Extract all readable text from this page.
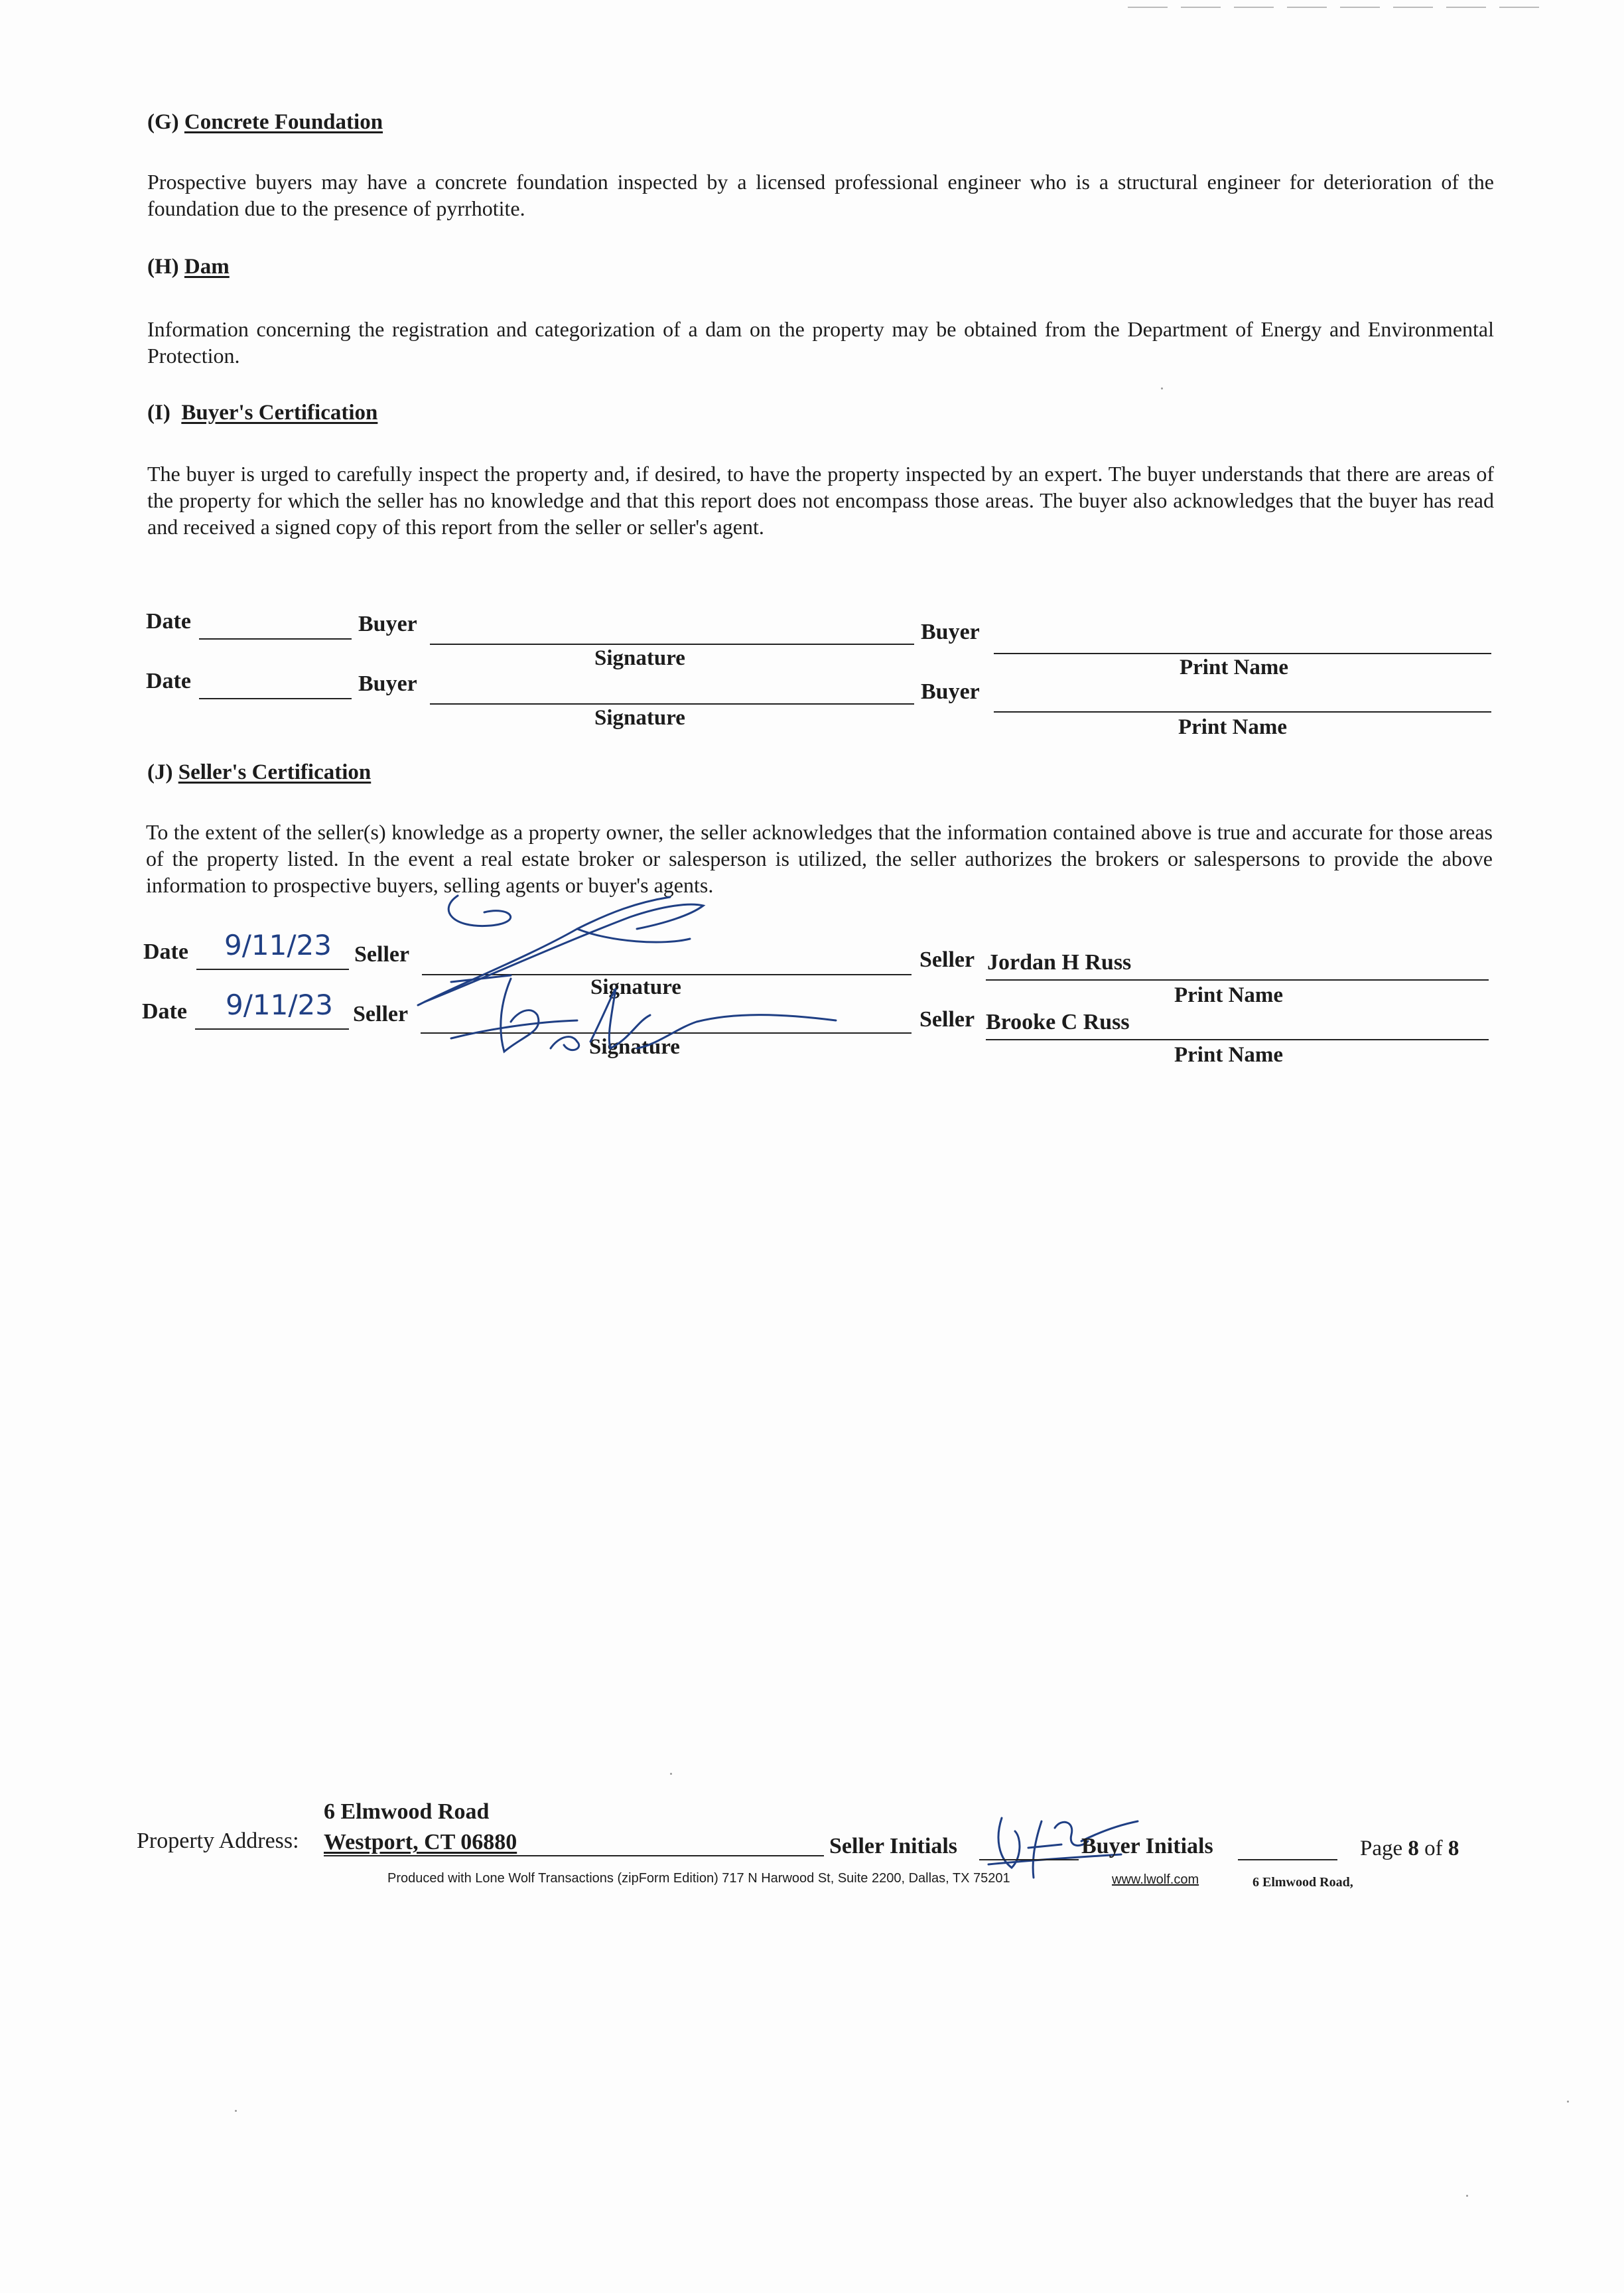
(G) Concrete Foundation
Prospective buyers may have a concrete foundation inspected by a licensed professional engineer who is a structural engineer for deterioration of the foundation due to the presence of pyrrhotite.
(H) Dam
Information concerning the registration and categorization of a dam on the property may be obtained from the Department of Energy and Environmental Protection.
(I) Buyer's Certification
The buyer is urged to carefully inspect the property and, if desired, to have the property inspected by an expert. The buyer understands that there are areas of the property for which the seller has no knowledge and that this report does not encompass those areas. The buyer also acknowledges that the buyer has read and received a signed copy of this report from the seller or seller's agent.
Date	Buyer
Signature
Buyer
Print Name
Date	Buyer
Signature
Buyer
Print Name
(J) Seller's Certification
To the extent of the seller(s) knowledge as a property owner, the seller acknowledges that the information contained above is true and accurate for those areas of the property listed. In the event a real estate broker or salesperson is utilized, the seller authorizes the brokers or salespersons to provide the above information to prospective buyers, selling agents or buyer's agents.
Date 9/11/23 Seller
Signature
Seller Jordan H Russ
Print Name
Date 9/11/23 Seller
Signature
Seller Brooke C Russ
Print Name
6 Elmwood Road
Property Address: Westport, CT 06880	Seller Initials	Buyer Initials	Page 8 of 8
Produced with Lone Wolf Transactions (zipForm Edition) 717 N Harwood St, Suite 2200, Dallas, TX 75201	www.lwolf.com	6 Elmwood Road,
